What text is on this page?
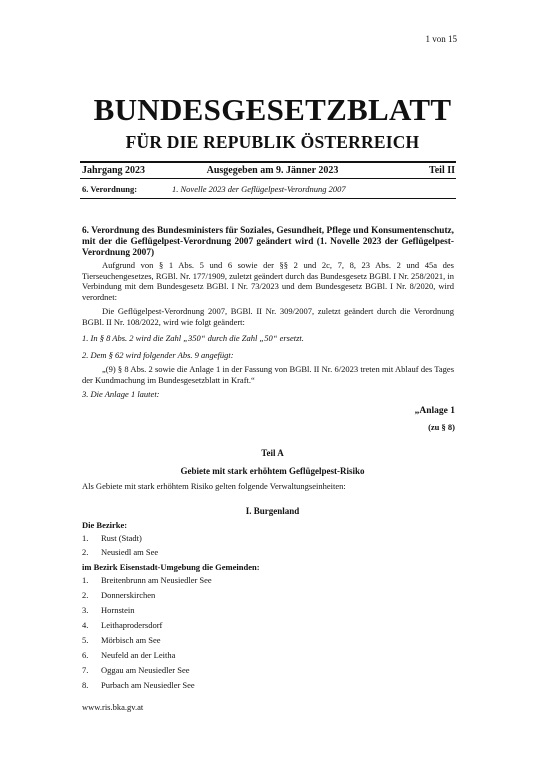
1 von 15
BUNDESGESETZBLATT
FÜR DIE REPUBLIK ÖSTERREICH
Jahrgang 2023	Ausgegeben am 9. Jänner 2023	Teil II
6. Verordnung:	1. Novelle 2023 der Geflügelpest-Verordnung 2007
6. Verordnung des Bundesministers für Soziales, Gesundheit, Pflege und Konsumentenschutz, mit der die Geflügelpest-Verordnung 2007 geändert wird (1. Novelle 2023 der Geflügelpest-Verordnung 2007)
Aufgrund von § 1 Abs. 5 und 6 sowie der §§ 2 und 2c, 7, 8, 23 Abs. 2 und 45a des Tierseuchengesetzes, RGBl. Nr. 177/1909, zuletzt geändert durch das Bundesgesetz BGBl. I Nr. 258/2021, in Verbindung mit dem Bundesgesetz BGBl. I Nr. 73/2023 und dem Bundesgesetz BGBl. I Nr. 8/2020, wird verordnet:
Die Geflügelpest-Verordnung 2007, BGBl. II Nr. 309/2007, zuletzt geändert durch die Verordnung BGBl. II Nr. 108/2022, wird wie folgt geändert:
1. In § 8 Abs. 2 wird die Zahl „350“ durch die Zahl „50“ ersetzt.
2. Dem § 62 wird folgender Abs. 9 angefügt:
„(9) § 8 Abs. 2 sowie die Anlage 1 in der Fassung von BGBl. II Nr. 6/2023 treten mit Ablauf des Tages der Kundmachung im Bundesgesetzblatt in Kraft.“
3. Die Anlage 1 lautet:
„Anlage 1
(zu § 8)
Teil A
Gebiete mit stark erhöhtem Geflügelpest-Risiko
Als Gebiete mit stark erhöhtem Risiko gelten folgende Verwaltungseinheiten:
I. Burgenland
Die Bezirke:
1. Rust (Stadt)
2. Neusiedl am See
im Bezirk Eisenstadt-Umgebung die Gemeinden:
1. Breitenbrunn am Neusiedler See
2. Donnerskirchen
3. Hornstein
4. Leithaprodersdorf
5. Mörbisch am See
6. Neufeld an der Leitha
7. Oggau am Neusiedler See
8. Purbach am Neusiedler See
www.ris.bka.gv.at
